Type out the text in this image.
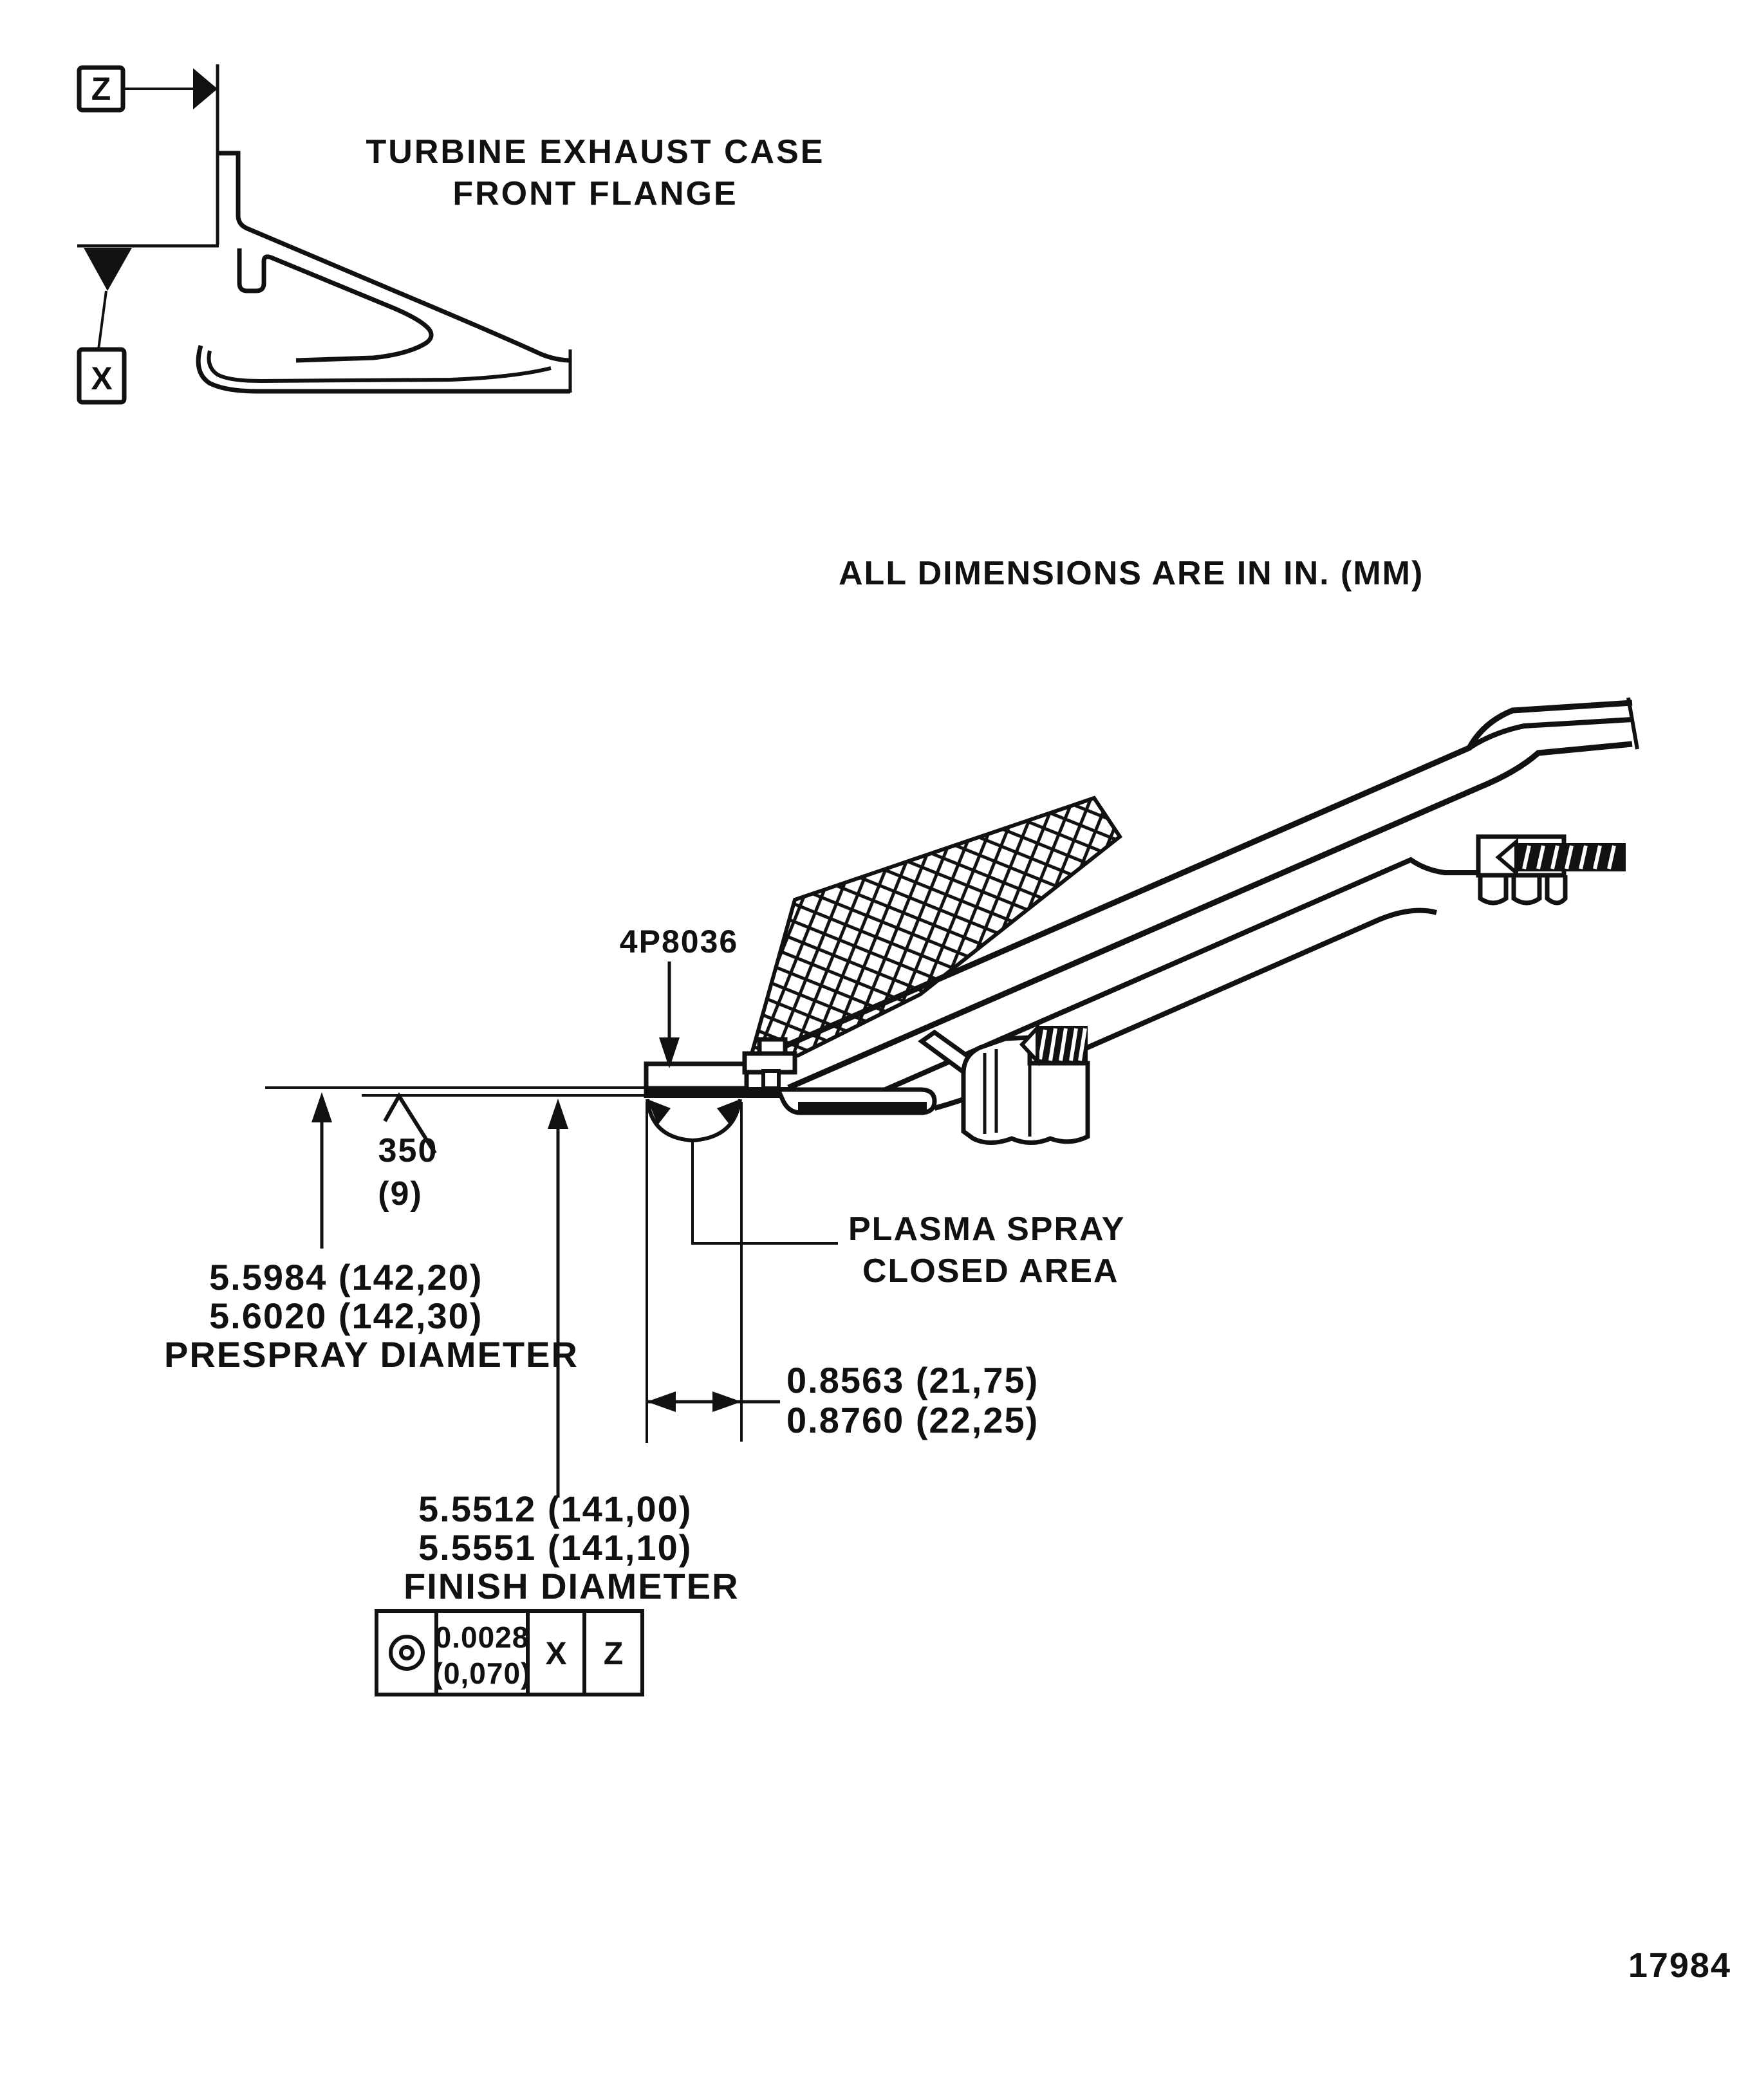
Z
X
TURBINE EXHAUST CASE
FRONT FLANGE
ALL DIMENSIONS ARE IN IN. (MM)
4P8036
350
(9)
5.5984 (142,20)
5.6020 (142,30)
PRESPRAY DIAMETER
5.5512 (141,00)
5.5551 (141,10)
FINISH DIAMETER
PLASMA SPRAY
CLOSED AREA
0.8563 (21,75)
0.8760 (22,25)
0.0028
(0,070)
X Z
17984
